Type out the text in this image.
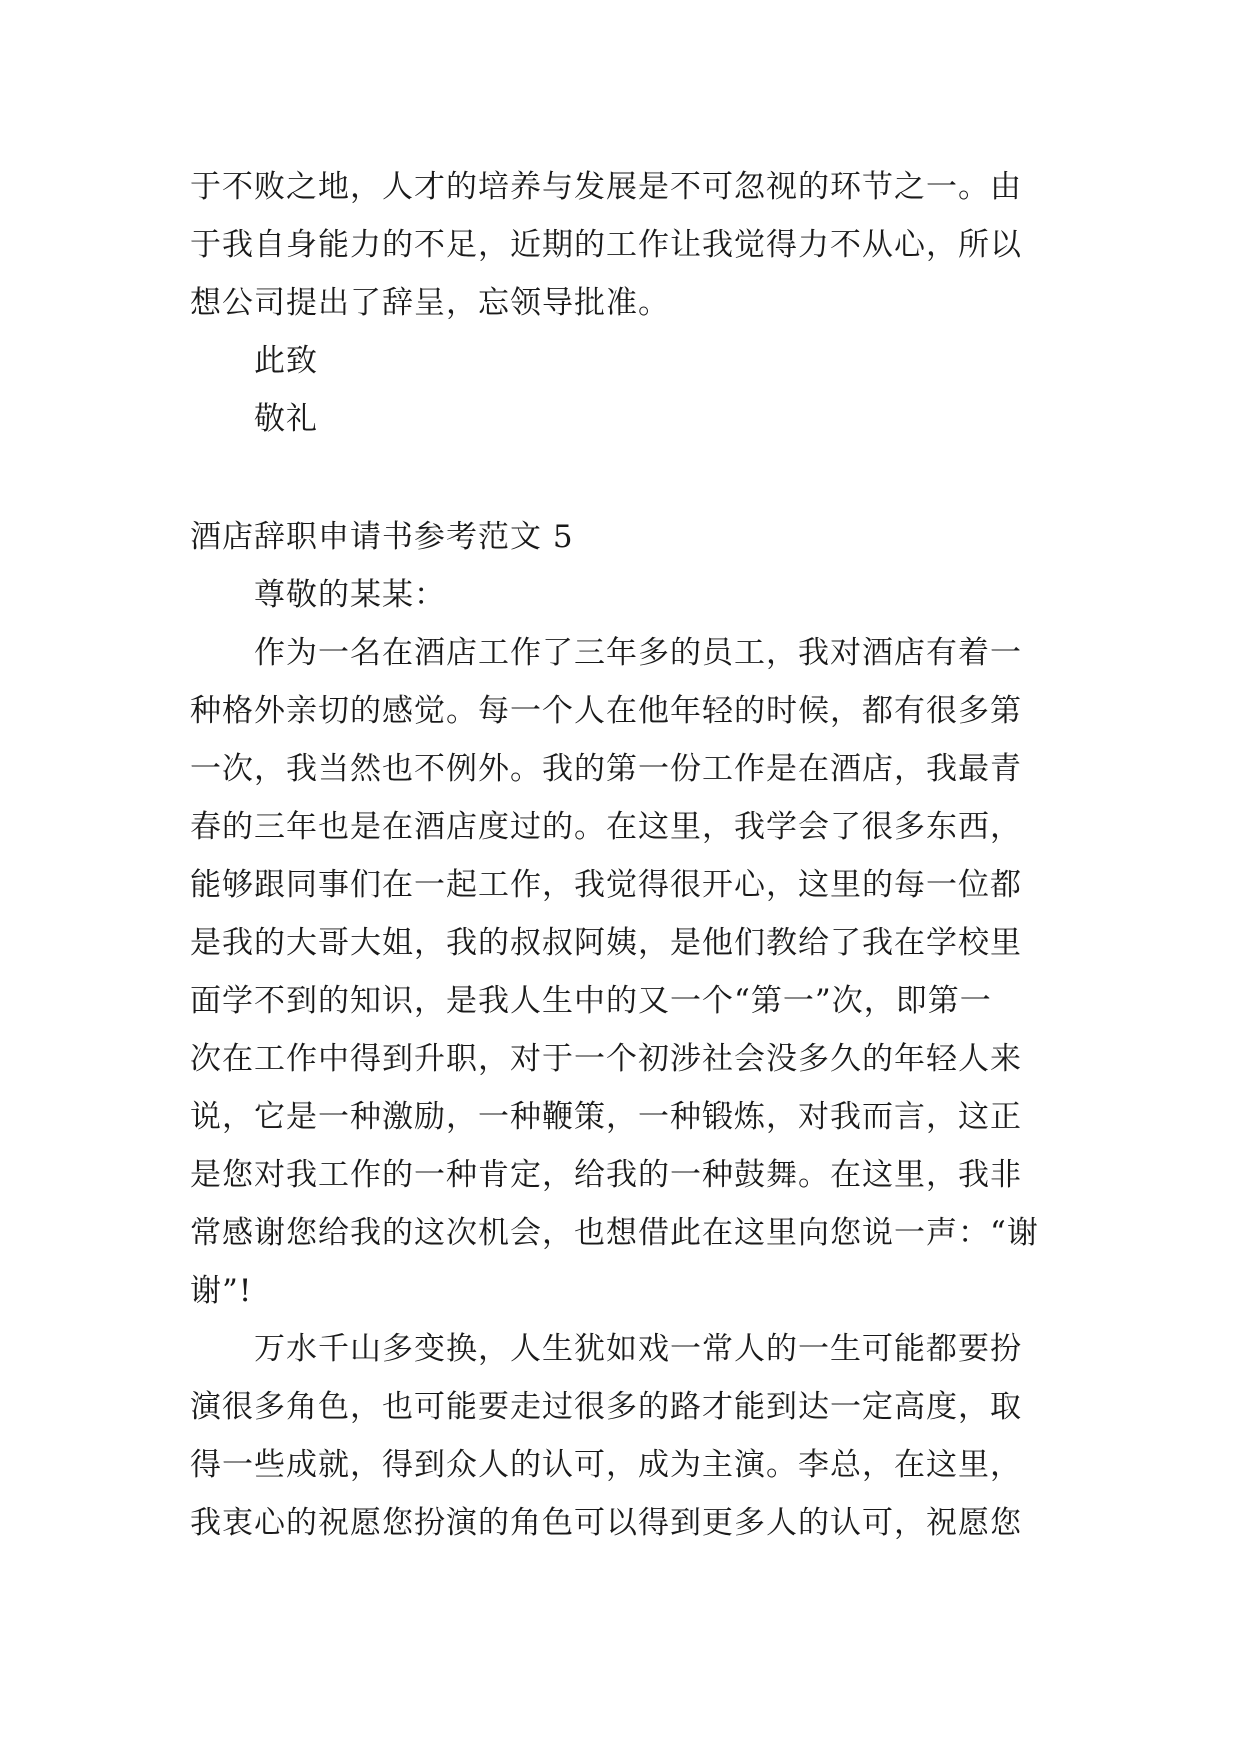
于不败之地，人才的培养与发展是不可忽视的环节之一。由
于我自身能力的不足，近期的工作让我觉得力不从心，所以
想公司提出了辞呈，忘领导批准。
此致
敬礼
酒店辞职申请书参考范文 5
尊敬的某某：
作为一名在酒店工作了三年多的员工，我对酒店有着一
种格外亲切的感觉。每一个人在他年轻的时候，都有很多第
一次，我当然也不例外。我的第一份工作是在酒店，我最青
春的三年也是在酒店度过的。在这里，我学会了很多东西，
能够跟同事们在一起工作，我觉得很开心，这里的每一位都
是我的大哥大姐，我的叔叔阿姨，是他们教给了我在学校里
面学不到的知识，是我人生中的又一个“第一”次，即第一
次在工作中得到升职，对于一个初涉社会没多久的年轻人来
说，它是一种激励，一种鞭策，一种锻炼，对我而言，这正
是您对我工作的一种肯定，给我的一种鼓舞。在这里，我非
常感谢您给我的这次机会，也想借此在这里向您说一声：“谢
谢”!
万水千山多变换，人生犹如戏一常人的一生可能都要扮
演很多角色，也可能要走过很多的路才能到达一定高度，取
得一些成就，得到众人的认可，成为主演。李总，在这里，
我衷心的祝愿您扮演的角色可以得到更多人的认可，祝愿您
